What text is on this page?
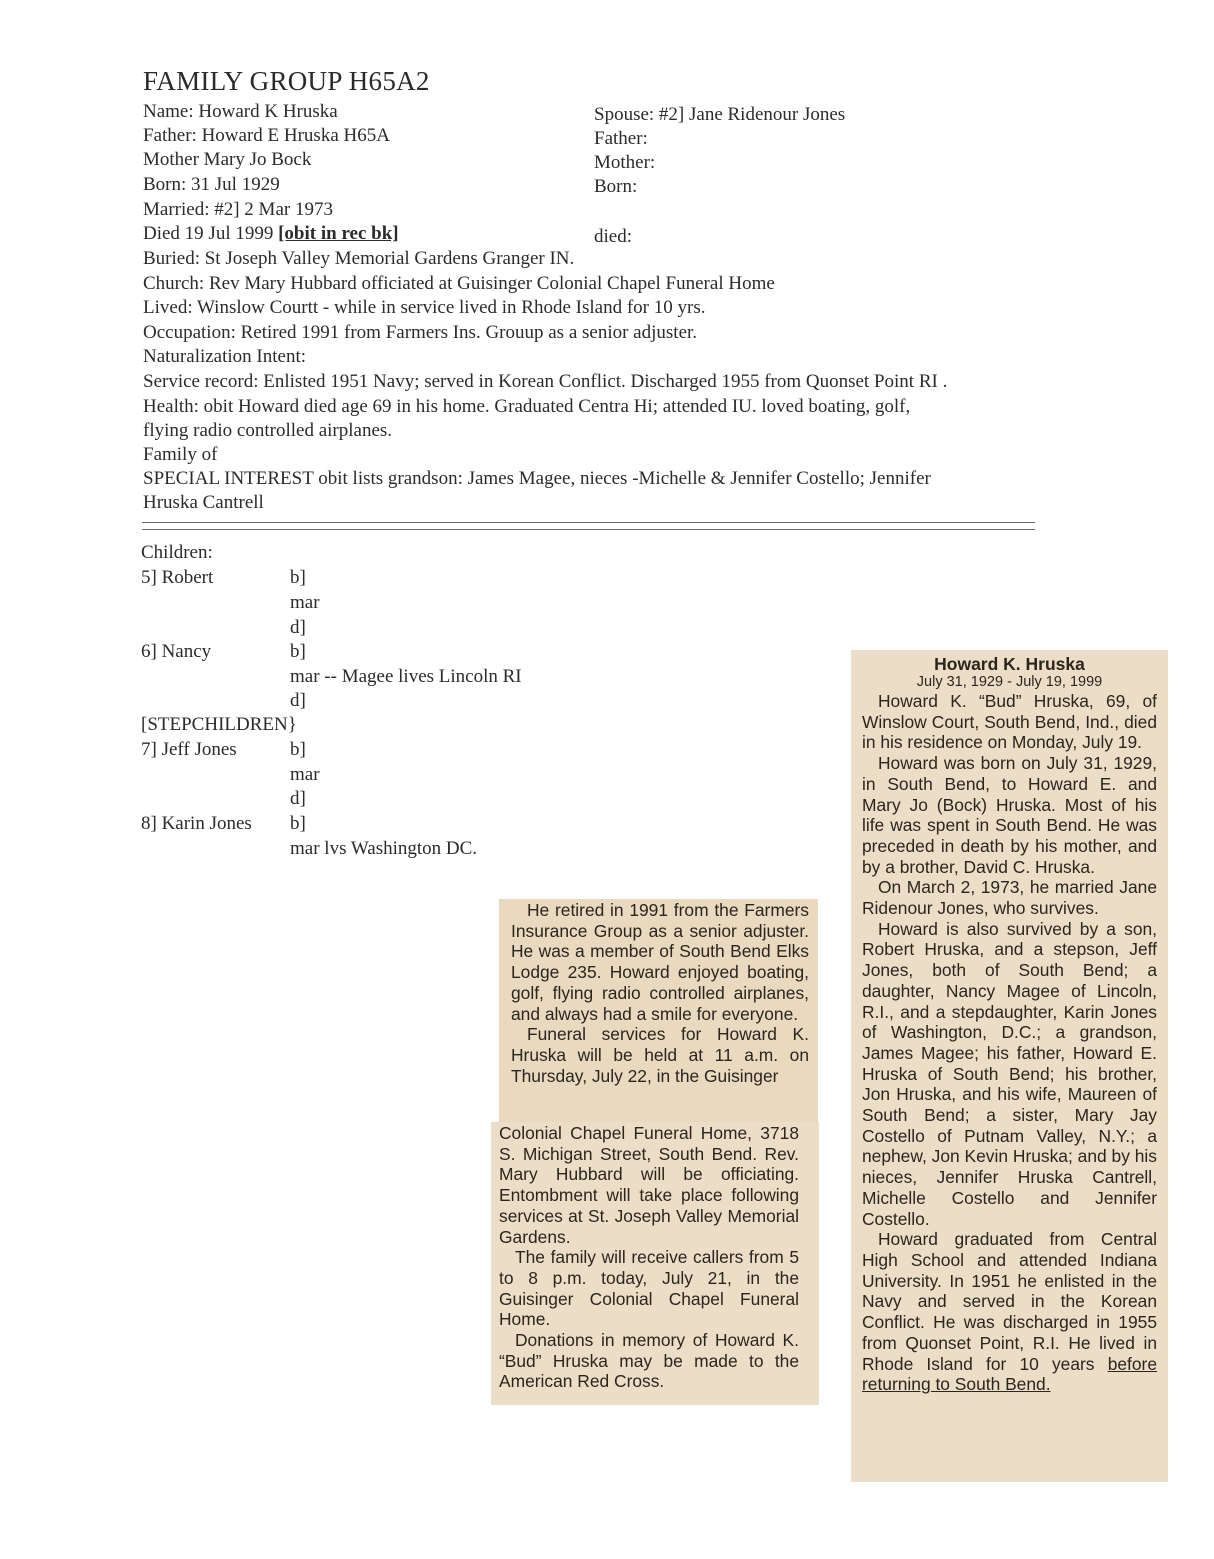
FAMILY GROUP H65A2
Name: Howard K Hruska
Father: Howard E Hruska H65A
Mother Mary Jo Bock
Born: 31 Jul 1929
Married: #2] 2 Mar 1973
Died 19 Jul 1999 [obit in rec bk]
Buried: St Joseph Valley Memorial Gardens Granger IN.
Church: Rev Mary Hubbard officiated at Guisinger Colonial Chapel Funeral Home
Lived: Winslow Courtt - while in service lived in Rhode Island for 10 yrs.
Occupation: Retired 1991 from Farmers Ins. Grouup as a senior adjuster.
Naturalization Intent:
Service record: Enlisted 1951 Navy; served in Korean Conflict. Discharged 1955 from Quonset Point RI .
Health: obit Howard died age 69 in his home. Graduated Centra Hi; attended IU. loved boating, golf,
flying radio controlled airplanes.
Family of
SPECIAL INTEREST obit lists grandson: James Magee, nieces -Michelle & Jennifer Costello; Jennifer
Hruska Cantrell
Spouse: #2] Jane Ridenour Jones
Father:
Mother:
Born:
died:
Children:
5] Robert	b]
mar
d]
6] Nancy	b]
mar -- Magee lives Lincoln RI
d]
[STEPCHILDREN}
7] Jeff Jones	b]
mar
d]
8] Karin Jones b]
mar lvs Washington DC.
Howard K. Hruska
July 31, 1929 - July 19, 1999

Howard K. “Bud” Hruska, 69, of Winslow Court, South Bend, Ind., died in his residence on Monday, July 19.

Howard was born on July 31, 1929, in South Bend, to Howard E. and Mary Jo (Bock) Hruska. Most of his life was spent in South Bend. He was preceded in death by his mother, and by a brother, David C. Hruska.

On March 2, 1973, he married Jane Ridenour Jones, who survives.

Howard is also survived by a son, Robert Hruska, and a stepson, Jeff Jones, both of South Bend; a daughter, Nancy Magee of Lincoln, R.I., and a stepdaughter, Karin Jones of Washington, D.C.; a grandson, James Magee; his father, Howard E. Hruska of South Bend; his brother, Jon Hruska, and his wife, Maureen of South Bend; a sister, Mary Jay Costello of Putnam Valley, N.Y.; a nephew, Jon Kevin Hruska; and by his nieces, Jennifer Hruska Cantrell, Michelle Costello and Jennifer Costello.

Howard graduated from Central High School and attended Indiana University. In 1951 he enlisted in the Navy and served in the Korean Conflict. He was discharged in 1955 from Quonset Point, R.I. He lived in Rhode Island for 10 years before returning to South Bend.

He retired in 1991 from the Farmers Insurance Group as a senior adjuster. He was a member of South Bend Elks Lodge 235. Howard enjoyed boating, golf, flying radio controlled airplanes, and always had a smile for everyone.

Funeral services for Howard K. Hruska will be held at 11 a.m. on Thursday, July 22, in the Guisinger

Colonial Chapel Funeral Home, 3718 S. Michigan Street, South Bend. Rev. Mary Hubbard will be officiating. Entombment will take place following services at St. Joseph Valley Memorial Gardens.

The family will receive callers from 5 to 8 p.m. today, July 21, in the Guisinger Colonial Chapel Funeral Home.

Donations in memory of Howard K. “Bud” Hruska may be made to the American Red Cross.
